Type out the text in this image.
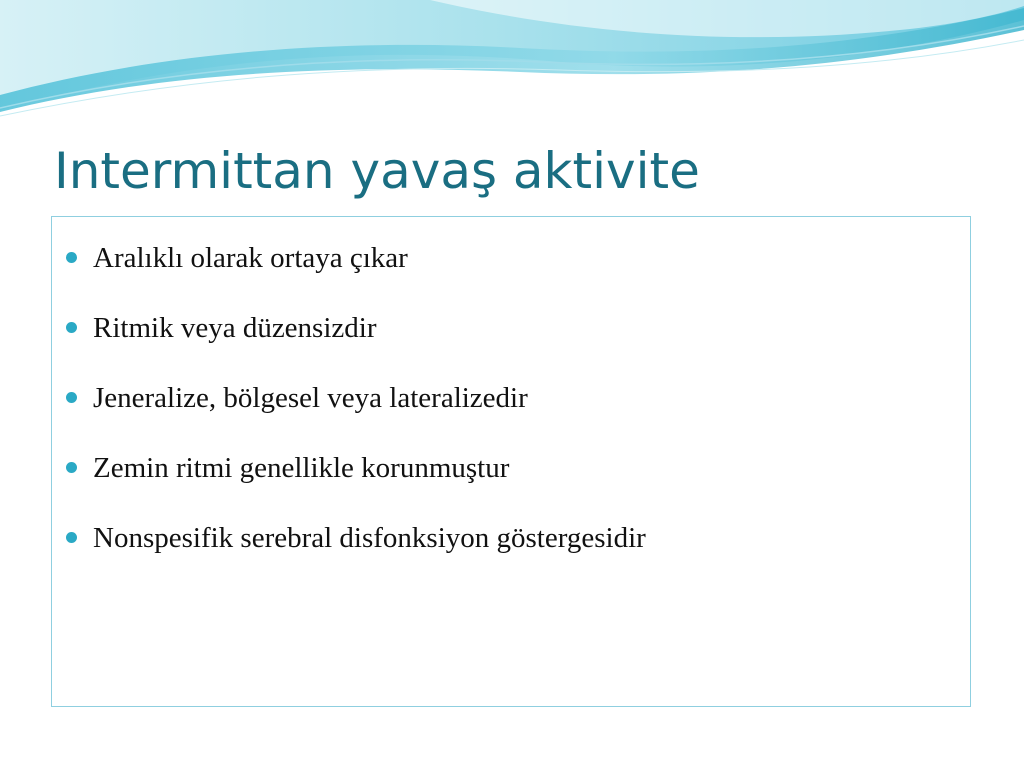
Intermittan yavaş aktivite
Aralıklı olarak ortaya çıkar
Ritmik veya düzensizdir
Jeneralize, bölgesel veya lateralizedir
Zemin ritmi genellikle korunmuştur
Nonspesifik serebral disfonksiyon göstergesidir
